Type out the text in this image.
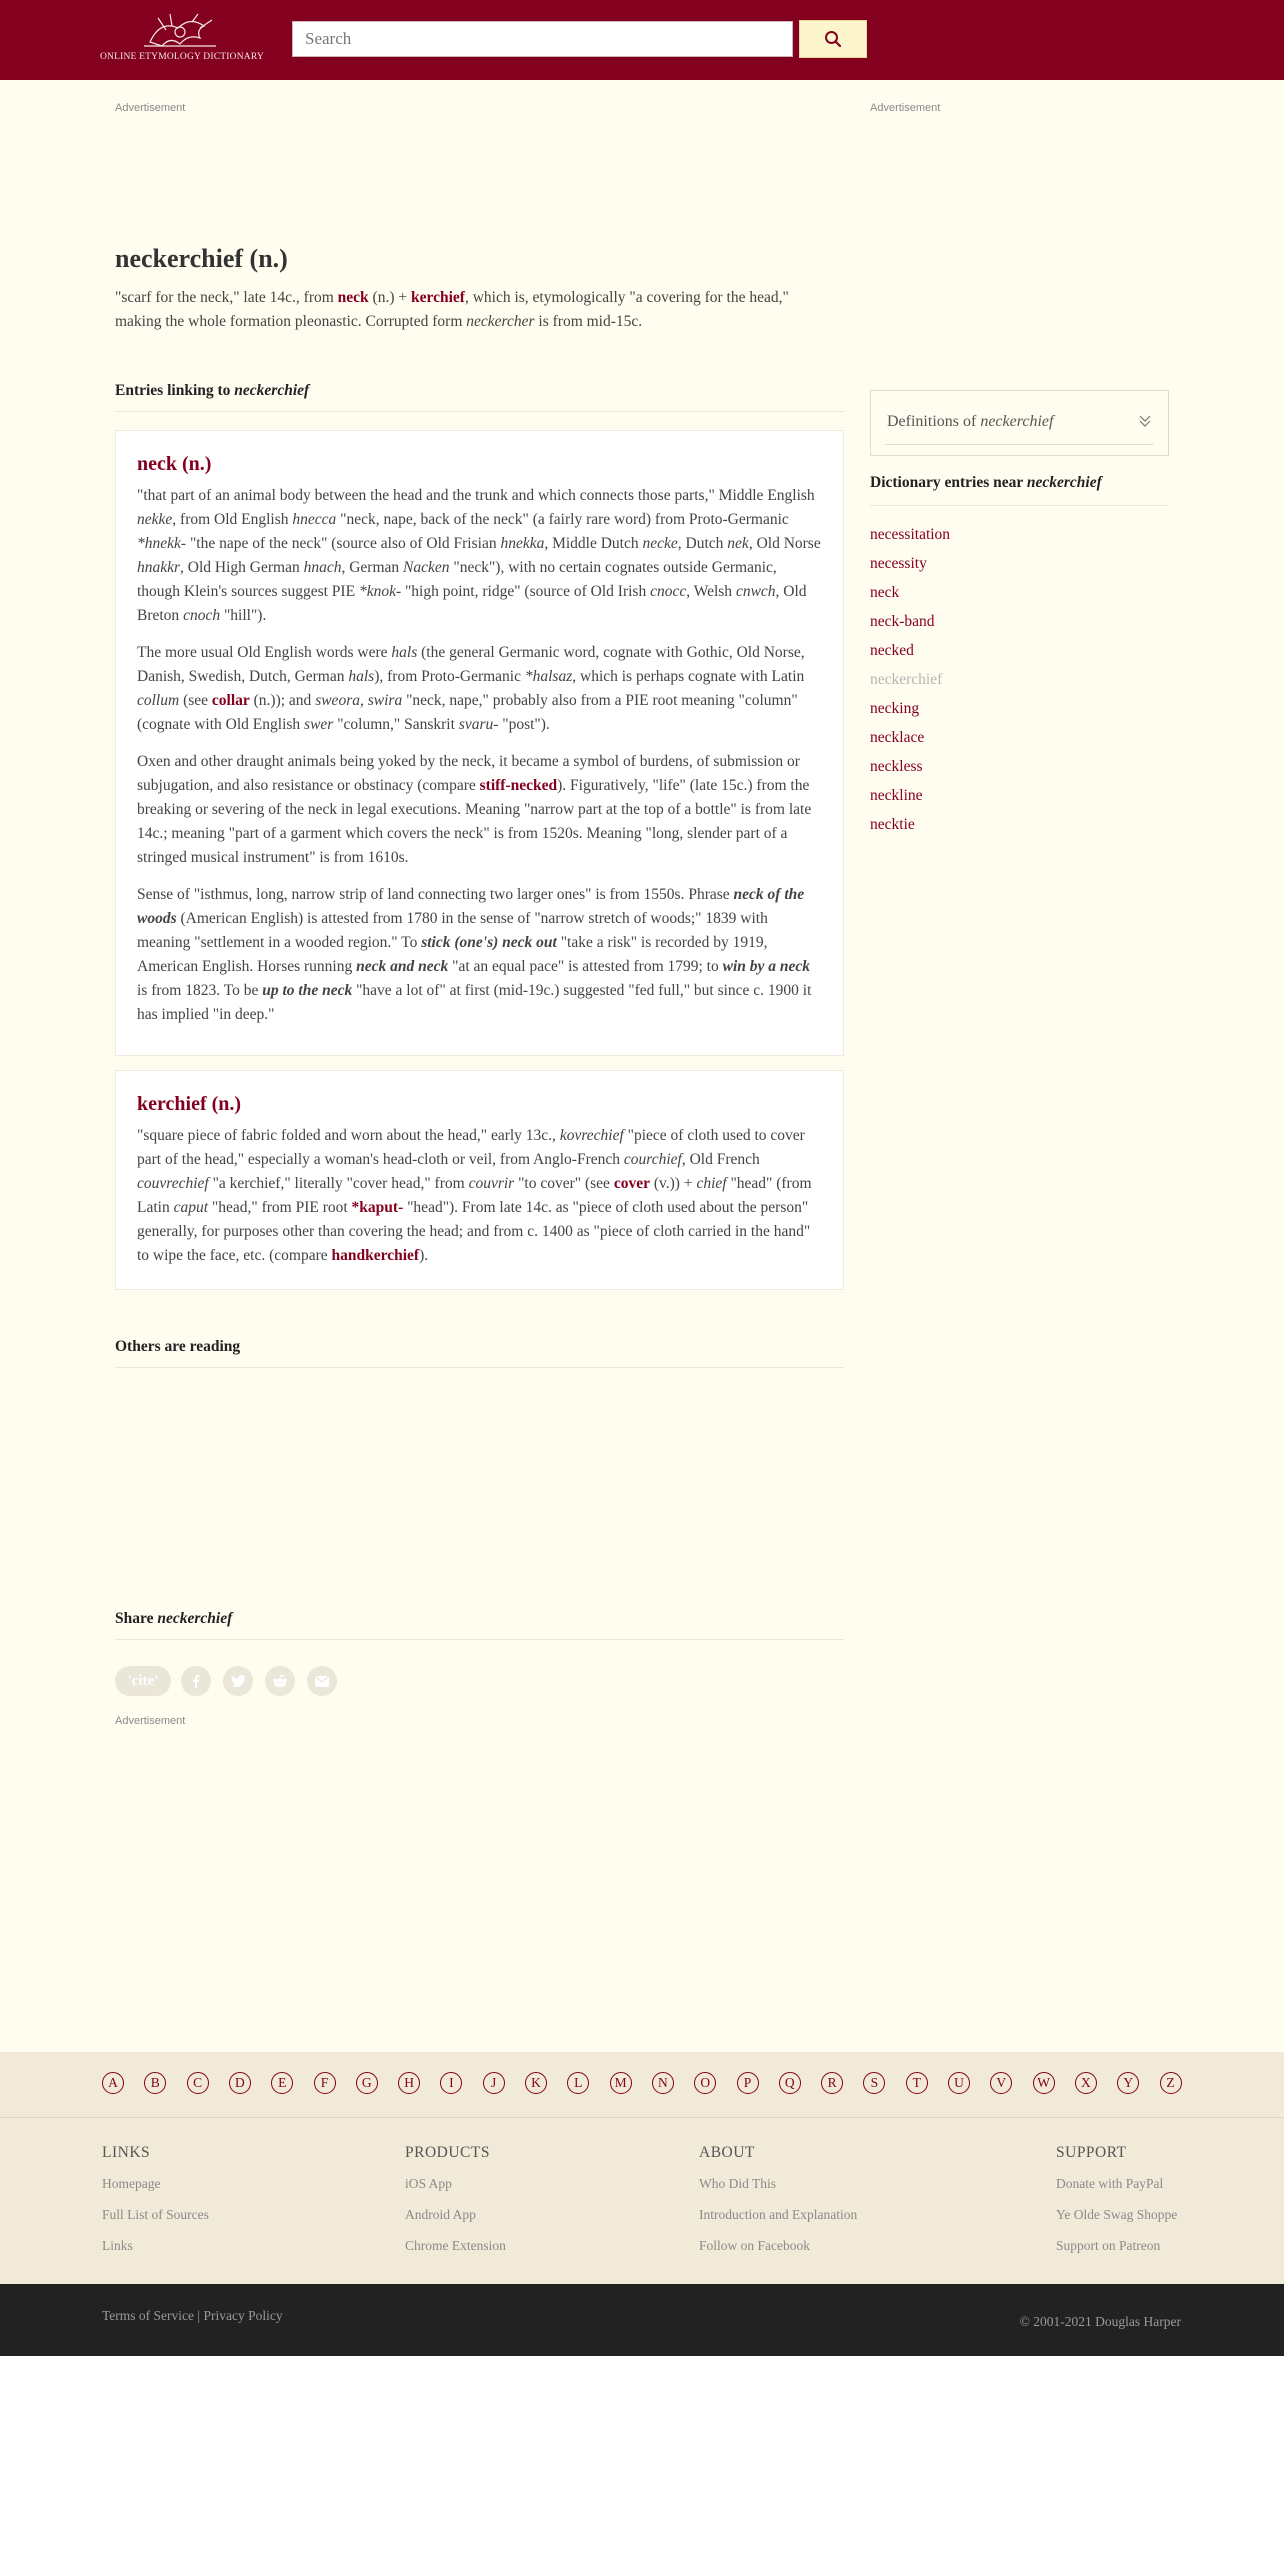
ONLINE ETYMOLOGY DICTIONARY
Search
Advertisement	Advertisement
neckerchief (n.)

"scarf for the neck," late 14c., from neck (n.) + kerchief, which is, etymologically "a covering for the head," making the whole formation pleonastic. Corrupted form neckercher is from mid-15c.

Entries linking to neckerchief
neck (n.)

"that part of an animal body between the head and the trunk and which connects those parts," Middle English nekke, from Old English hnecca "neck, nape, back of the neck" (a fairly rare word) from Proto-Germanic *hnekk- "the nape of the neck" (source also of Old Frisian hnekka, Middle Dutch necke, Dutch nek, Old Norse hnakkr, Old High German hnach, German Nacken "neck"), with no certain cognates outside Germanic, though Klein's sources suggest PIE *knok- "high point, ridge" (source of Old Irish cnocc, Welsh cnwch, Old Breton cnoch "hill").

The more usual Old English words were hals (the general Germanic word, cognate with Gothic, Old Norse, Danish, Swedish, Dutch, German hals), from Proto-Germanic *halsaz, which is perhaps cognate with Latin collum (see collar (n.)); and sweora, swira "neck, nape," probably also from a PIE root meaning "column" (cognate with Old English swer "column," Sanskrit svaru- "post").

Oxen and other draught animals being yoked by the neck, it became a symbol of burdens, of submission or subjugation, and also resistance or obstinacy (compare stiff-necked). Figuratively, "life" (late 15c.) from the breaking or severing of the neck in legal executions. Meaning "narrow part at the top of a bottle" is from late 14c.; meaning "part of a garment which covers the neck" is from 1520s. Meaning "long, slender part of a stringed musical instrument" is from 1610s.

Sense of "isthmus, long, narrow strip of land connecting two larger ones" is from 1550s. Phrase neck of the woods (American English) is attested from 1780 in the sense of "narrow stretch of woods;" 1839 with meaning "settlement in a wooded region." To stick (one's) neck out "take a risk" is recorded by 1919, American English. Horses running neck and neck "at an equal pace" is attested from 1799; to win by a neck is from 1823. To be up to the neck "have a lot of" at first (mid-19c.) suggested "fed full," but since c. 1900 it has implied "in deep."

kerchief (n.)

"square piece of fabric folded and worn about the head," early 13c., kovrechief "piece of cloth used to cover part of the head," especially a woman's head-cloth or veil, from Anglo-French courchief, Old French couvrechief "a kerchief," literally "cover head," from couvrir "to cover" (see cover (v.)) + chief "head" (from Latin caput "head," from PIE root *kaput- "head"). From late 14c. as "piece of cloth used about the person" generally, for purposes other than covering the head; and from c. 1400 as "piece of cloth carried in the hand" to wipe the face, etc. (compare handkerchief).

Others are reading
Share neckerchief
'cite'
Advertisement
Definitions of neckerchief
Dictionary entries near neckerchief
necessitation
necessity
neck
neck-band
necked
neckerchief
necking
necklace
neckless
neckline
necktie
A	B	C	D	E	F	G	H	I	J	K	L	M	N	O	P	Q	R	S	T	U	V	W	X	Y	Z
LINKS
Homepage
Full List of Sources
Links
PRODUCTS
iOS App
Android App
Chrome Extension
ABOUT
Who Did This
Introduction and Explanation
Follow on Facebook
SUPPORT
Donate with PayPal
Ye Olde Swag Shoppe
Support on Patreon
Terms of Service | Privacy Policy	© 2001-2021 Douglas Harper
